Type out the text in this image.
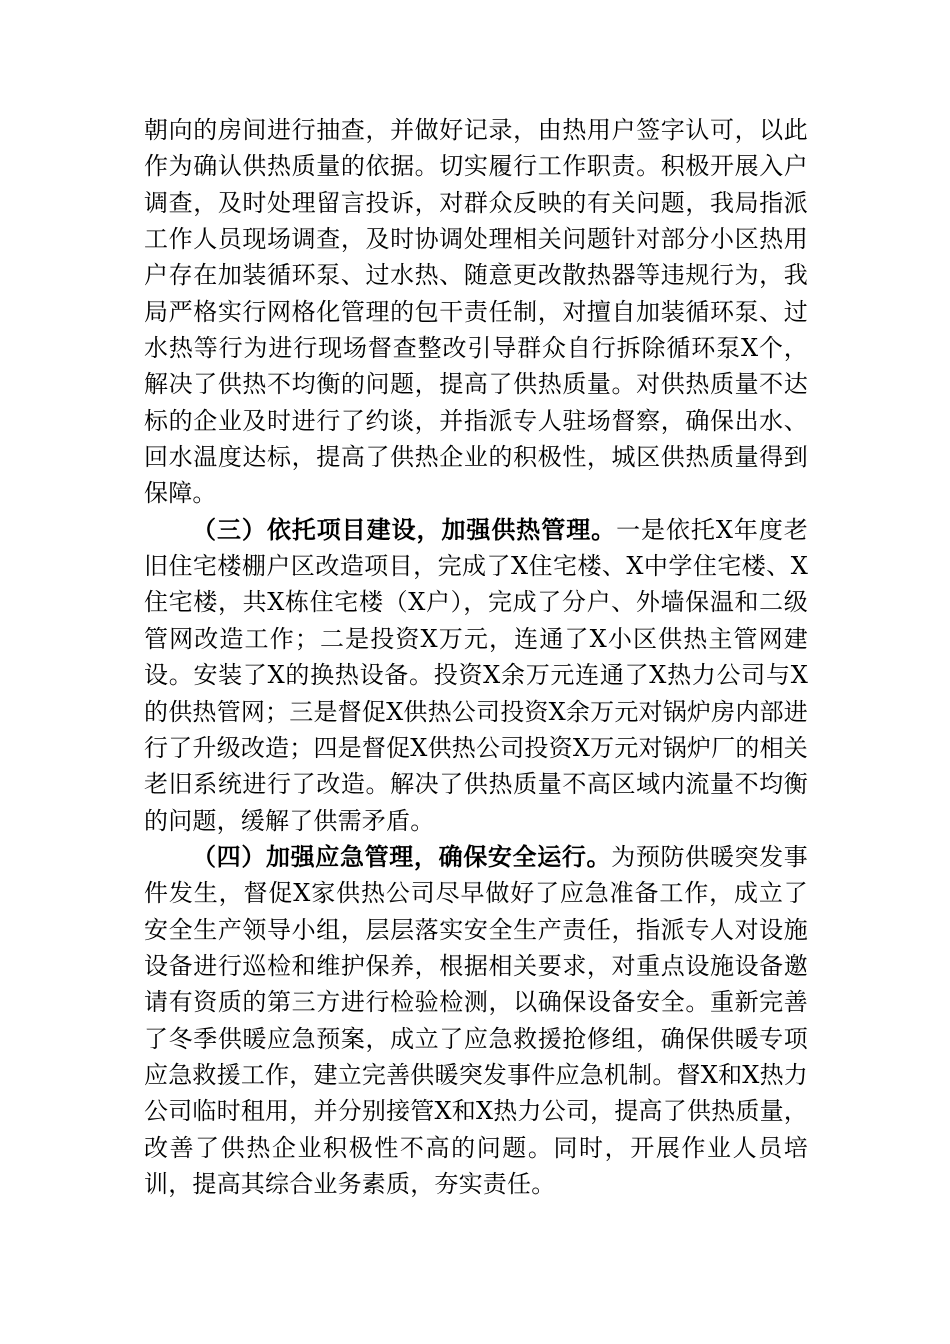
朝向的房间进行抽查，并做好记录，由热用户签字认可，以此作为确认供热质量的依据。切实履行工作职责。积极开展入户调查，及时处理留言投诉，对群众反映的有关问题，我局指派工作人员现场调查，及时协调处理相关问题针对部分小区热用户存在加装循环泵、过水热、随意更改散热器等违规行为，我局严格实行网格化管理的包干责任制，对擅自加装循环泵、过水热等行为进行现场督查整改引导群众自行拆除循环泵X个，解决了供热不均衡的问题，提高了供热质量。对供热质量不达标的企业及时进行了约谈，并指派专人驻场督察，确保出水、回水温度达标，提高了供热企业的积极性，城区供热质量得到保障。

（三）依托项目建设，加强供热管理。一是依托X年度老旧住宅楼棚户区改造项目，完成了X住宅楼、X中学住宅楼、X住宅楼，共X栋住宅楼（X户），完成了分户、外墙保温和二级管网改造工作；二是投资X万元，连通了X小区供热主管网建设。安装了X的换热设备。投资X余万元连通了X热力公司与X的供热管网；三是督促X供热公司投资X余万元对锅炉房内部进行了升级改造；四是督促X供热公司投资X万元对锅炉厂的相关老旧系统进行了改造。解决了供热质量不高区域内流量不均衡的问题，缓解了供需矛盾。

（四）加强应急管理，确保安全运行。为预防供暖突发事件发生，督促X家供热公司尽早做好了应急准备工作，成立了安全生产领导小组，层层落实安全生产责任，指派专人对设施设备进行巡检和维护保养，根据相关要求，对重点设施设备邀请有资质的第三方进行检验检测，以确保设备安全。重新完善了冬季供暖应急预案，成立了应急救援抢修组，确保供暖专项应急救援工作，建立完善供暖突发事件应急机制。督X和X热力公司临时租用，并分别接管X和X热力公司，提高了供热质量，改善了供热企业积极性不高的问题。同时，开展作业人员培训，提高其综合业务素质，夯实责任。
